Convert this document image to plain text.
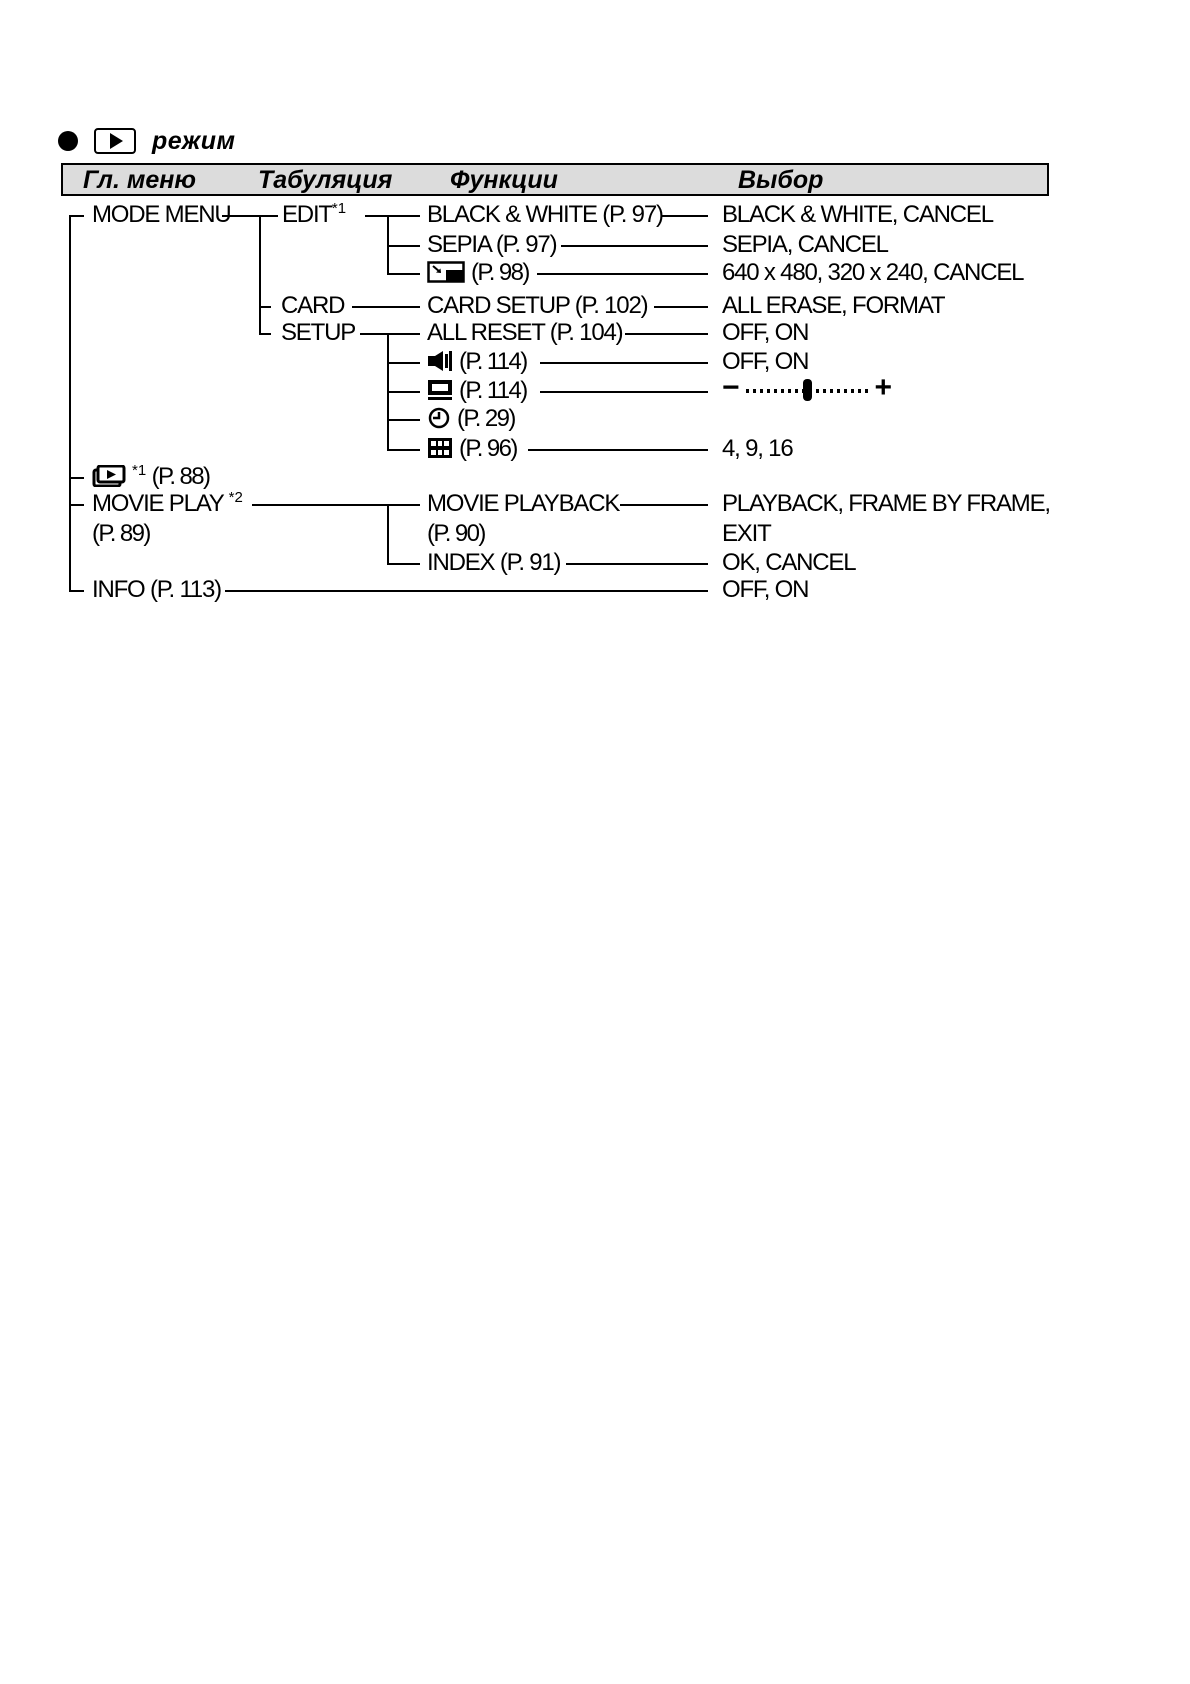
режим
Гл. меню Табуляция Функции	Выбор
MODE MENU
$^{*1}$ (P. 88)
MOVIE PLAY $^{*2}$
(P. 89)
INFO (P. 113)
EDIT$^{*1}$
CARD
SETUP
BLACK & WHITE (P. 97)
SEPIA (P. 97)
(P. 98)
CARD SETUP (P. 102)
ALL RESET (P. 104)
(P. 114)
(P. 114)
(P. 29)
(P. 96)
MOVIE PLAYBACK
(P. 90)
INDEX (P. 91)
BLACK & WHITE, CANCEL
SEPIA, CANCEL
640 x 480, 320 x 240, CANCEL
ALL ERASE, FORMAT
OFF, ON
OFF, ON
−	+
4, 9, 16
PLAYBACK, FRAME BY FRAME,
EXIT
OK, CANCEL
OFF, ON
